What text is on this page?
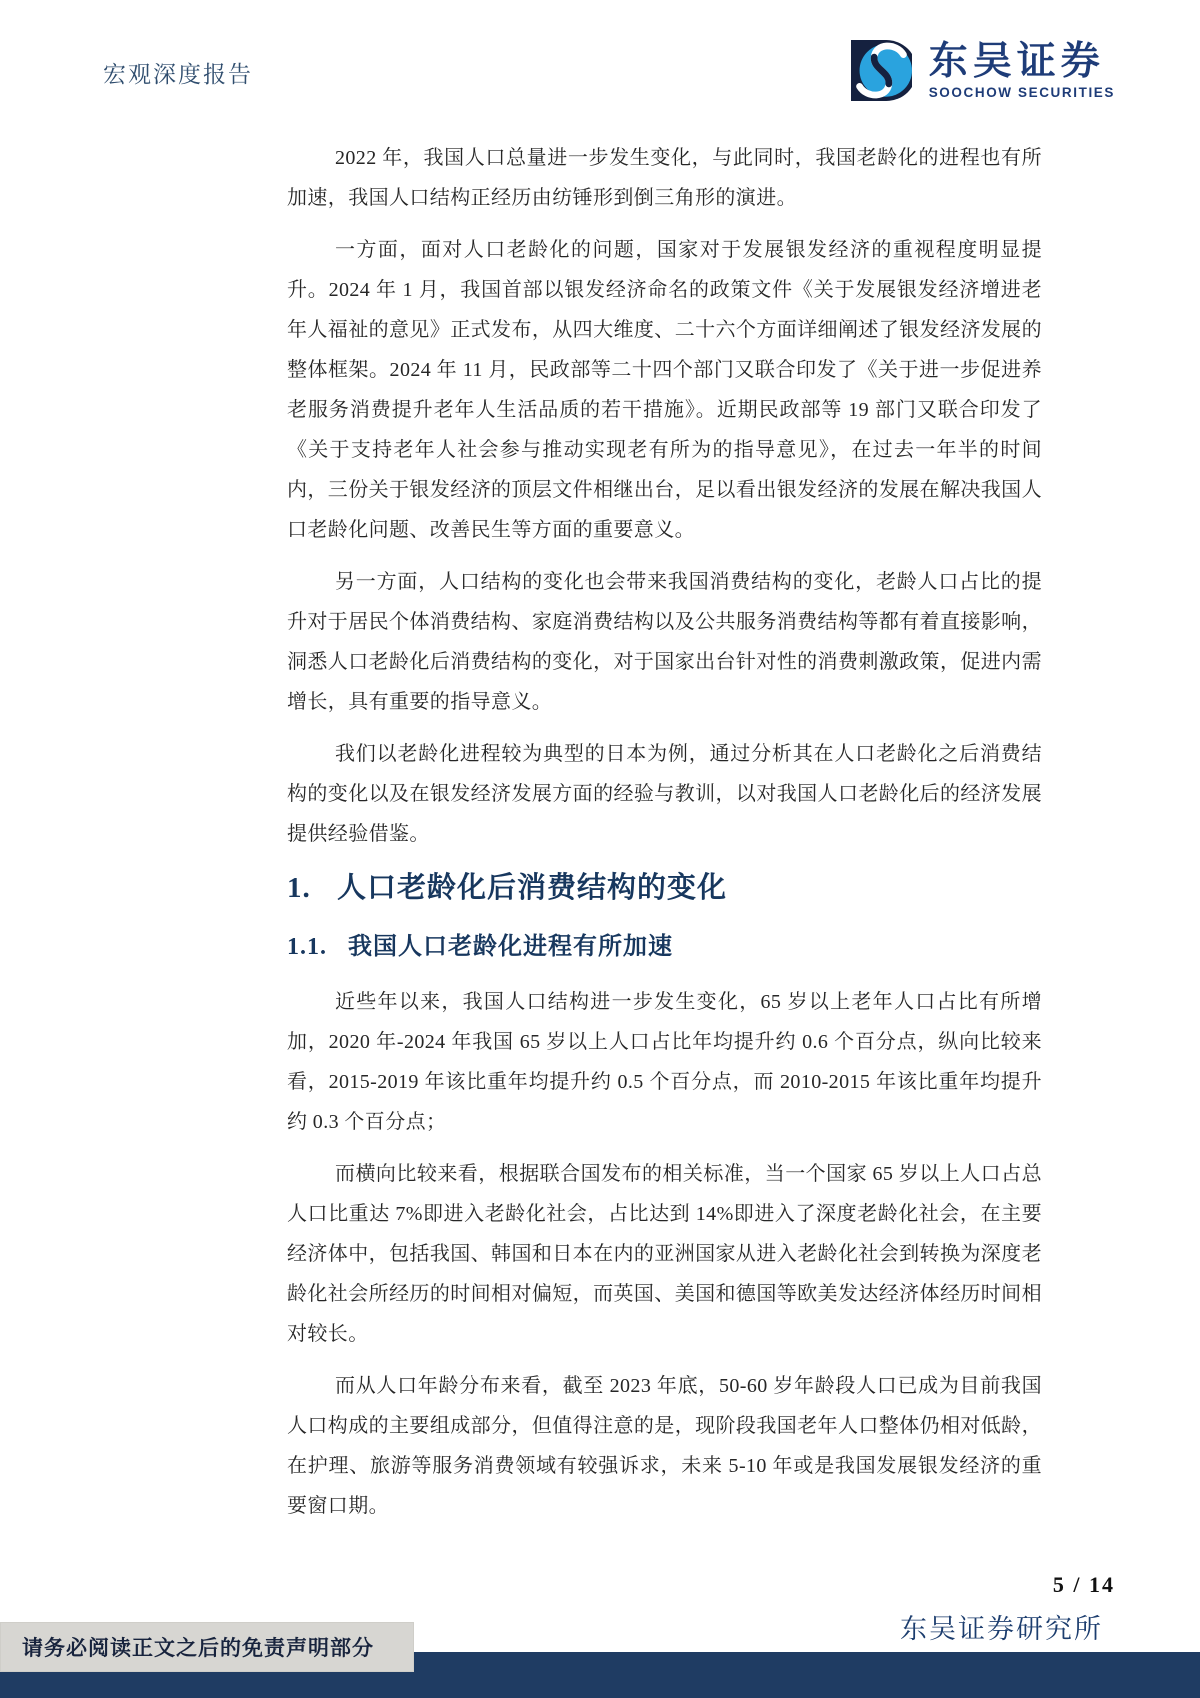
宏观深度报告	东吴证券
SOOCHOW SECURITIES

2022 年，我国人口总量进一步发生变化，与此同时，我国老龄化的进程也有所加速，我国人口结构正经历由纺锤形到倒三角形的演进。

一方面，面对人口老龄化的问题，国家对于发展银发经济的重视程度明显提升。2024 年 1 月，我国首部以银发经济命名的政策文件《关于发展银发经济增进老年人福祉的意见》正式发布，从四大维度、二十六个方面详细阐述了银发经济发展的整体框架。2024 年 11 月，民政部等二十四个部门又联合印发了《关于进一步促进养老服务消费提升老年人生活品质的若干措施》。近期民政部等 19 部门又联合印发了《关于支持老年人社会参与推动实现老有所为的指导意见》，在过去一年半的时间内，三份关于银发经济的顶层文件相继出台，足以看出银发经济的发展在解决我国人口老龄化问题、改善民生等方面的重要意义。

另一方面，人口结构的变化也会带来我国消费结构的变化，老龄人口占比的提升对于居民个体消费结构、家庭消费结构以及公共服务消费结构等都有着直接影响，洞悉人口老龄化后消费结构的变化，对于国家出台针对性的消费刺激政策，促进内需增长，具有重要的指导意义。

我们以老龄化进程较为典型的日本为例，通过分析其在人口老龄化之后消费结构的变化以及在银发经济发展方面的经验与教训，以对我国人口老龄化后的经济发展提供经验借鉴。

1. 人口老龄化后消费结构的变化
1.1. 我国人口老龄化进程有所加速

近些年以来，我国人口结构进一步发生变化，65 岁以上老年人口占比有所增加，2020 年-2024 年我国 65 岁以上人口占比年均提升约 0.6 个百分点，纵向比较来看，2015-2019 年该比重年均提升约 0.5 个百分点，而 2010-2015 年该比重年均提升约 0.3 个百分点；

而横向比较来看，根据联合国发布的相关标准，当一个国家 65 岁以上人口占总人口比重达 7%即进入老龄化社会，占比达到 14%即进入了深度老龄化社会，在主要经济体中，包括我国、韩国和日本在内的亚洲国家从进入老龄化社会到转换为深度老龄化社会所经历的时间相对偏短，而英国、美国和德国等欧美发达经济体经历时间相对较长。

而从人口年龄分布来看，截至 2023 年底，50-60 岁年龄段人口已成为目前我国人口构成的主要组成部分，但值得注意的是，现阶段我国老年人口整体仍相对低龄，在护理、旅游等服务消费领域有较强诉求，未来 5-10 年或是我国发展银发经济的重要窗口期。

5 / 14
东吴证券研究所
请务必阅读正文之后的免责声明部分
